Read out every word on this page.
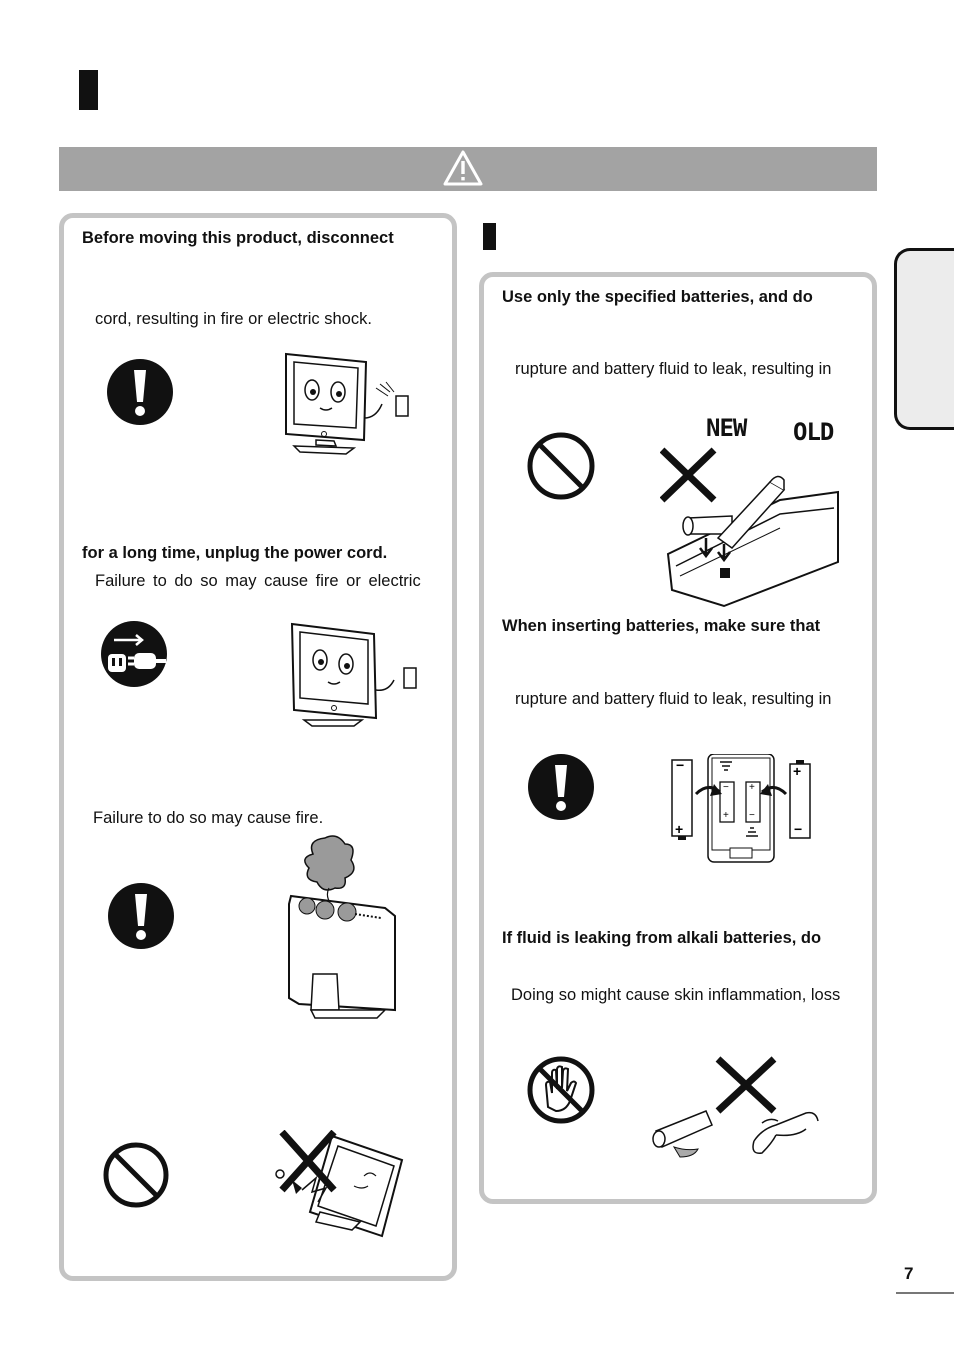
Before moving this product, disconnect
cord, resulting in fire or electric shock.
for a long time, unplug the power cord.
Failure to do so may cause fire or electric
Failure to do so may cause fire.
Use only the specified batteries, and do
rupture and battery fluid to leak, resulting in
NEW OLD
When inserting batteries, make sure that
rupture and battery fluid to leak, resulting in
−
+
+
−
−
+
+
−
If fluid is leaking from alkali batteries, do
Doing so might cause skin inflammation, loss
7
